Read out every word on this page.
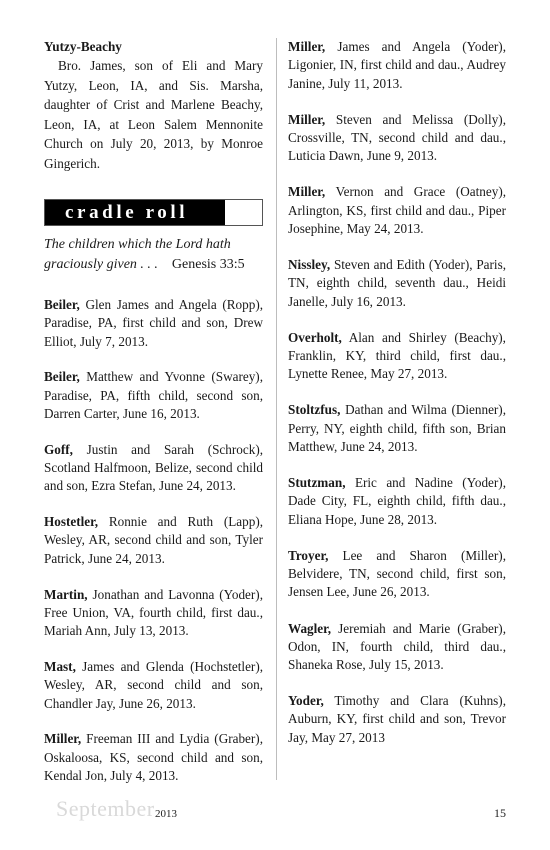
Yutzy-Beachy

Bro. James, son of Eli and Mary Yutzy, Leon, IA, and Sis. Marsha, daughter of Crist and Marlene Beachy, Leon, IA, at Leon Salem Mennonite Church on July 20, 2013, by Monroe Gingerich.

cradle roll
The children which the Lord hath graciously given . . . Genesis 33:5

Beiler, Glen James and Angela (Ropp), Paradise, PA, first child and son, Drew Elliot, July 7, 2013.

Beiler, Matthew and Yvonne (Swarey), Paradise, PA, fifth child, second son, Darren Carter, June 16, 2013.

Goff, Justin and Sarah (Schrock), Scotland Halfmoon, Belize, second child and son, Ezra Stefan, June 24, 2013.

Hostetler, Ronnie and Ruth (Lapp), Wesley, AR, second child and son, Tyler Patrick, June 24, 2013.

Martin, Jonathan and Lavonna (Yoder), Free Union, VA, fourth child, first dau., Mariah Ann, July 13, 2013.

Mast, James and Glenda (Hochstetler), Wesley, AR, second child and son, Chandler Jay, June 26, 2013.

Miller, Freeman III and Lydia (Graber), Oskaloosa, KS, second child and son, Kendal Jon, July 4, 2013.

Miller, James and Angela (Yoder), Ligonier, IN, first child and dau., Audrey Janine, July 11, 2013.

Miller, Steven and Melissa (Dolly), Crossville, TN, second child and dau., Luticia Dawn, June 9, 2013.

Miller, Vernon and Grace (Oatney), Arlington, KS, first child and dau., Piper Josephine, May 24, 2013.

Nissley, Steven and Edith (Yoder), Paris, TN, eighth child, seventh dau., Heidi Janelle, July 16, 2013.

Overholt, Alan and Shirley (Beachy), Franklin, KY, third child, first dau., Lynette Renee, May 27, 2013.

Stoltzfus, Dathan and Wilma (Dienner), Perry, NY, eighth child, fifth son, Brian Matthew, June 24, 2013.

Stutzman, Eric and Nadine (Yoder), Dade City, FL, eighth child, fifth dau., Eliana Hope, June 28, 2013.

Troyer, Lee and Sharon (Miller), Belvidere, TN, second child, first son, Jensen Lee, June 26, 2013.

Wagler, Jeremiah and Marie (Graber), Odon, IN, fourth child, third dau., Shaneka Rose, July 15, 2013.

Yoder, Timothy and Clara (Kuhns), Auburn, KY, first child and son, Trevor Jay, May 27, 2013

September 2013	15
